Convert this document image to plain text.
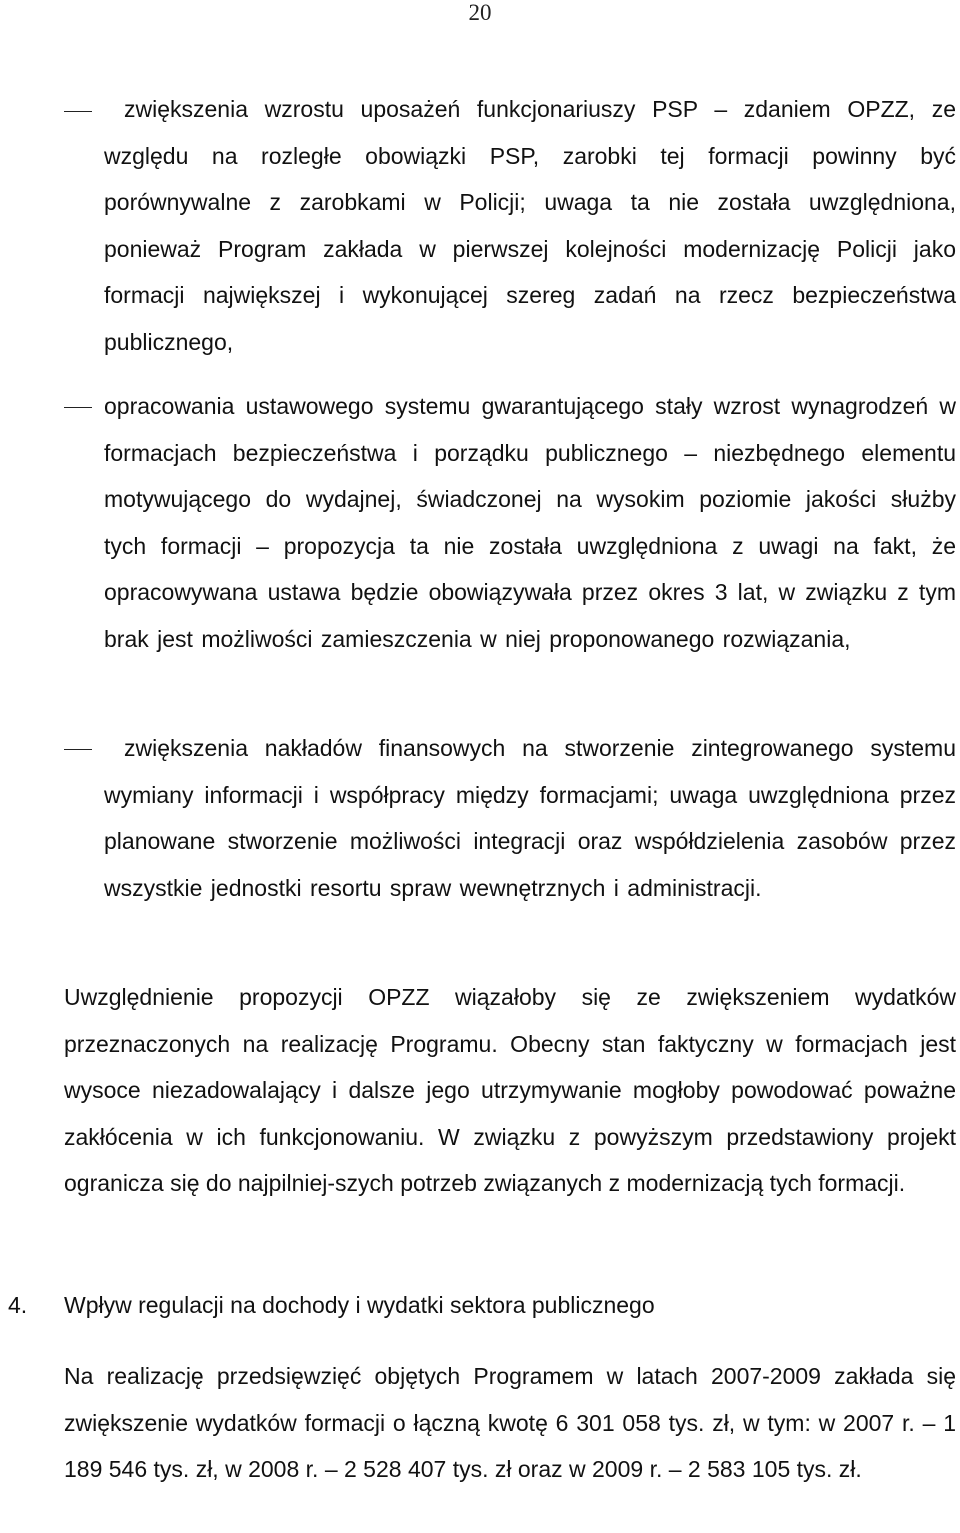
20
zwiększenia wzrostu uposażeń funkcjonariuszy PSP – zdaniem OPZZ, ze względu na rozległe obowiązki PSP, zarobki tej formacji powinny być porównywalne z zarobkami w Policji; uwaga ta nie została uwzględniona, ponieważ Program zakłada w pierwszej kolejności modernizację Policji jako formacji największej i wykonującej szereg zadań na rzecz bezpieczeństwa publicznego,
opracowania ustawowego systemu gwarantującego stały wzrost wynagrodzeń w formacjach bezpieczeństwa i porządku publicznego – niezbędnego elementu motywującego do wydajnej, świadczonej na wysokim poziomie jakości służby tych formacji – propozycja ta nie została uwzględniona z uwagi na fakt, że opracowywana ustawa będzie obowiązywała przez okres 3 lat, w związku z tym brak jest możliwości zamieszczenia w niej proponowanego rozwiązania,
zwiększenia nakładów finansowych na stworzenie zintegrowanego systemu wymiany informacji i współpracy między formacjami; uwaga uwzględniona przez planowane stworzenie możliwości integracji oraz współdzielenia zasobów przez wszystkie jednostki resortu spraw wewnętrznych i administracji.
Uwzględnienie propozycji OPZZ wiązałoby się ze zwiększeniem wydatków przeznaczonych na realizację Programu. Obecny stan faktyczny w formacjach jest wysoce niezadowalający i dalsze jego utrzymywanie mogłoby powodować poważne zakłócenia w ich funkcjonowaniu. W związku z powyższym przedstawiony projekt ogranicza się do najpilniej-szych potrzeb związanych z modernizacją tych formacji.
4. Wpływ regulacji na dochody i wydatki sektora publicznego
Na realizację przedsięwzięć objętych Programem w latach 2007-2009 zakłada się zwiększenie wydatków formacji o łączną kwotę 6 301 058 tys. zł, w tym: w 2007 r. – 1 189 546 tys. zł, w 2008 r. – 2 528 407 tys. zł oraz w 2009 r. – 2 583 105 tys. zł.
